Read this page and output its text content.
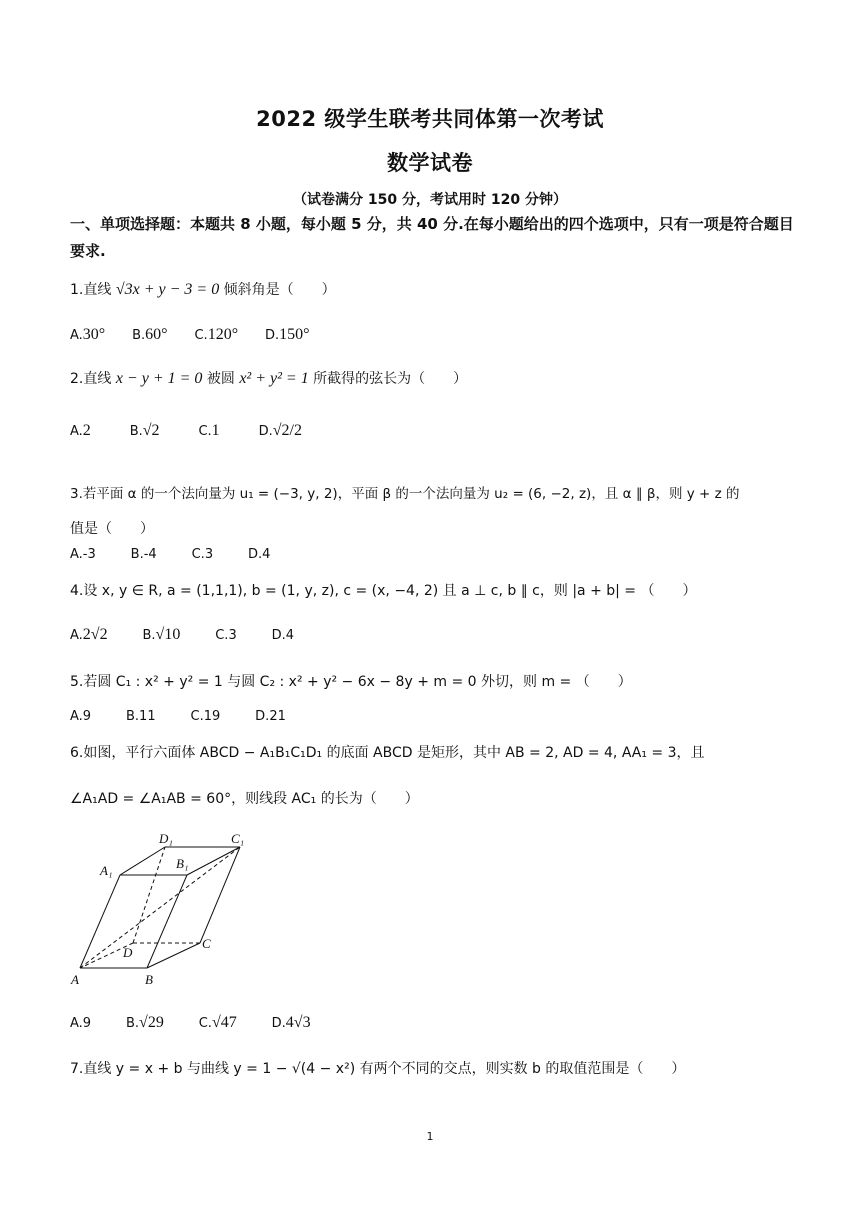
2022 级学生联考共同体第一次考试
数学试卷
（试卷满分 150 分，考试用时 120 分钟）
一、单项选择题：本题共 8 小题，每小题 5 分，共 40 分.在每小题给出的四个选项中，只有一项是符合题目要求.
1.直线 √3x + y − 3 = 0 倾斜角是（　　）
A.30° B.60° C.120° D.150°
2.直线 x − y + 1 = 0 被圆 x² + y² = 1 所截得的弦长为（　　）
A.2	B.√2	C.1	D.√2/2
3.若平面 α 的一个法向量为 u₁ = (−3, y, 2)，平面 β 的一个法向量为 u₂ = (6, −2, z)，且 α ∥ β，则 y + z 的
值是（　　）
A.-3	B.-4	C.3	D.4
4.设 x, y ∈ R, a = (1,1,1), b = (1, y, z), c = (x, −4, 2) 且 a ⊥ c, b ∥ c，则 |a + b| = （　　）
A.2√2	B.√10	C.3	D.4
5.若圆 C₁ : x² + y² = 1 与圆 C₂ : x² + y² − 6x − 8y + m = 0 外切，则 m = （　　）
A.9	B.11	C.19	D.21
6.如图，平行六面体 ABCD − A₁B₁C₁D₁ 的底面 ABCD 是矩形，其中 AB = 2, AD = 4, AA₁ = 3，且
∠A₁AD = ∠A₁AB = 60°，则线段 AC₁ 的长为（　　）
A	B
C
D
A₁	B₁
C₁
D₁
A.9	B.√29	C.√47	D.4√3
7.直线 y = x + b 与曲线 y = 1 − √(4 − x²) 有两个不同的交点，则实数 b 的取值范围是（　　）
1
